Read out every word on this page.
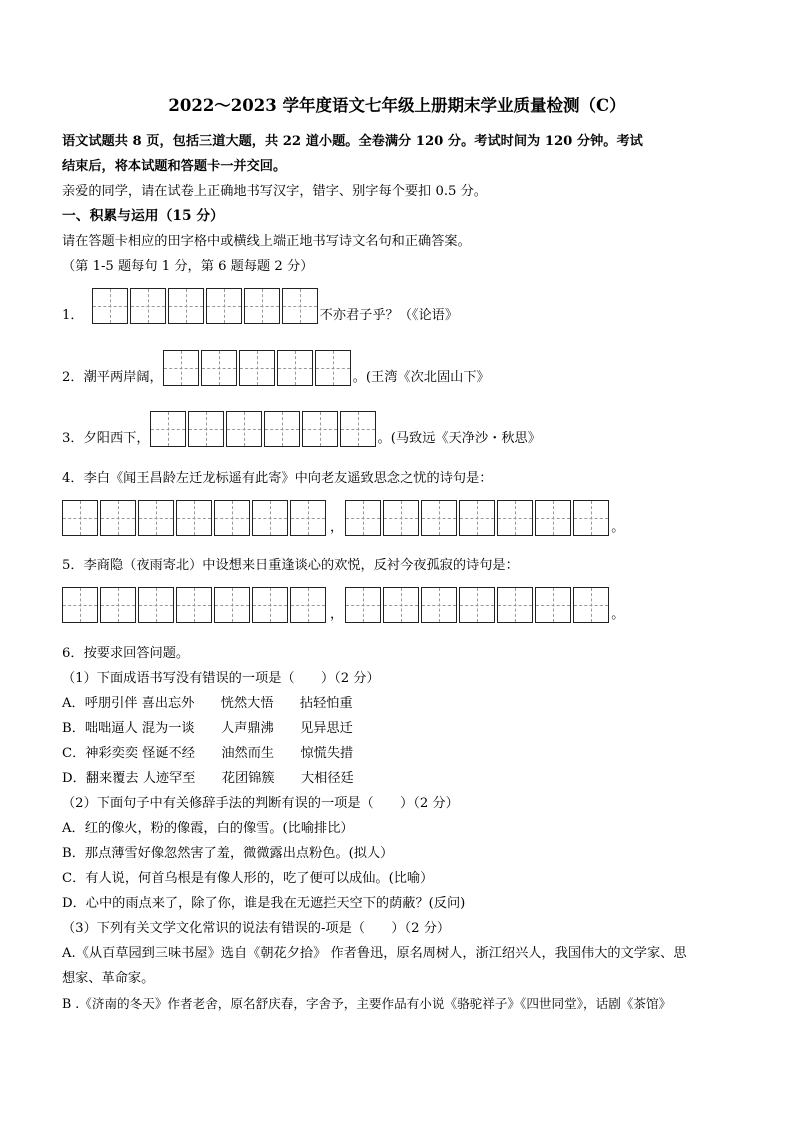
2022～2023 学年度语文七年级上册期末学业质量检测（C）
语文试题共 8 页，包括三道大题，共 22 道小题。全卷满分 120 分。考试时间为 120 分钟。考试
结束后，将本试题和答题卡一并交回。
亲爱的同学，请在试卷上正确地书写汉字，错字、别字每个要扣 0.5 分。
一、积累与运用（15 分）
请在答题卡相应的田字格中或横线上端正地书写诗文名句和正确答案。
（第 1-5 题每句 1 分，第 6 题每题 2 分）
1．	不亦君子乎？（《论语》
2．潮平两岸阔，	。(王湾《次北固山下》
3．夕阳西下，	。(马致远《天净沙・秋思》
4．李白《闻王昌龄左迁龙标遥有此寄》中向老友遥致思念之忧的诗句是：
，	。
5．李商隐（夜雨寄北）中设想来日重逢谈心的欢悦，反衬今夜孤寂的诗句是：
，	。
6．按要求回答问题。
（1）下面成语书写没有错误的一项是（　　）（2 分）
A．呼朋引伴 喜出忘外　　恍然大悟　　拈轻怕重
B．咄咄逼人 混为一谈　　人声鼎沸　　见异思迁
C．神彩奕奕 怪诞不经　　油然而生　　惊慌失措
D．翻来覆去 人迹罕至　　花团锦簇　　大相径廷
（2）下面句子中有关修辞手法的判断有误的一项是（　　）（2 分）
A．红的像火，粉的像霞，白的像雪。(比喻排比）
B．那点薄雪好像忽然害了羞，微微露出点粉色。(拟人）
C．有人说，何首乌根是有像人形的，吃了便可以成仙。(比喻）
D．心中的雨点来了，除了你，谁是我在无遮拦天空下的荫蔽？(反问)
（3）下列有关文学文化常识的说法有错误的-项是（　　）（2 分）
A.《从百草园到三味书屋》选自《朝花夕拾》 作者鲁迅，原名周树人，浙江绍兴人，我国伟大的文学家、思
想家、革命家。
B .《济南的冬天》作者老舍，原名舒庆春，字舍予，主要作品有小说《骆驼祥子》《四世同堂》，话剧《茶馆》
